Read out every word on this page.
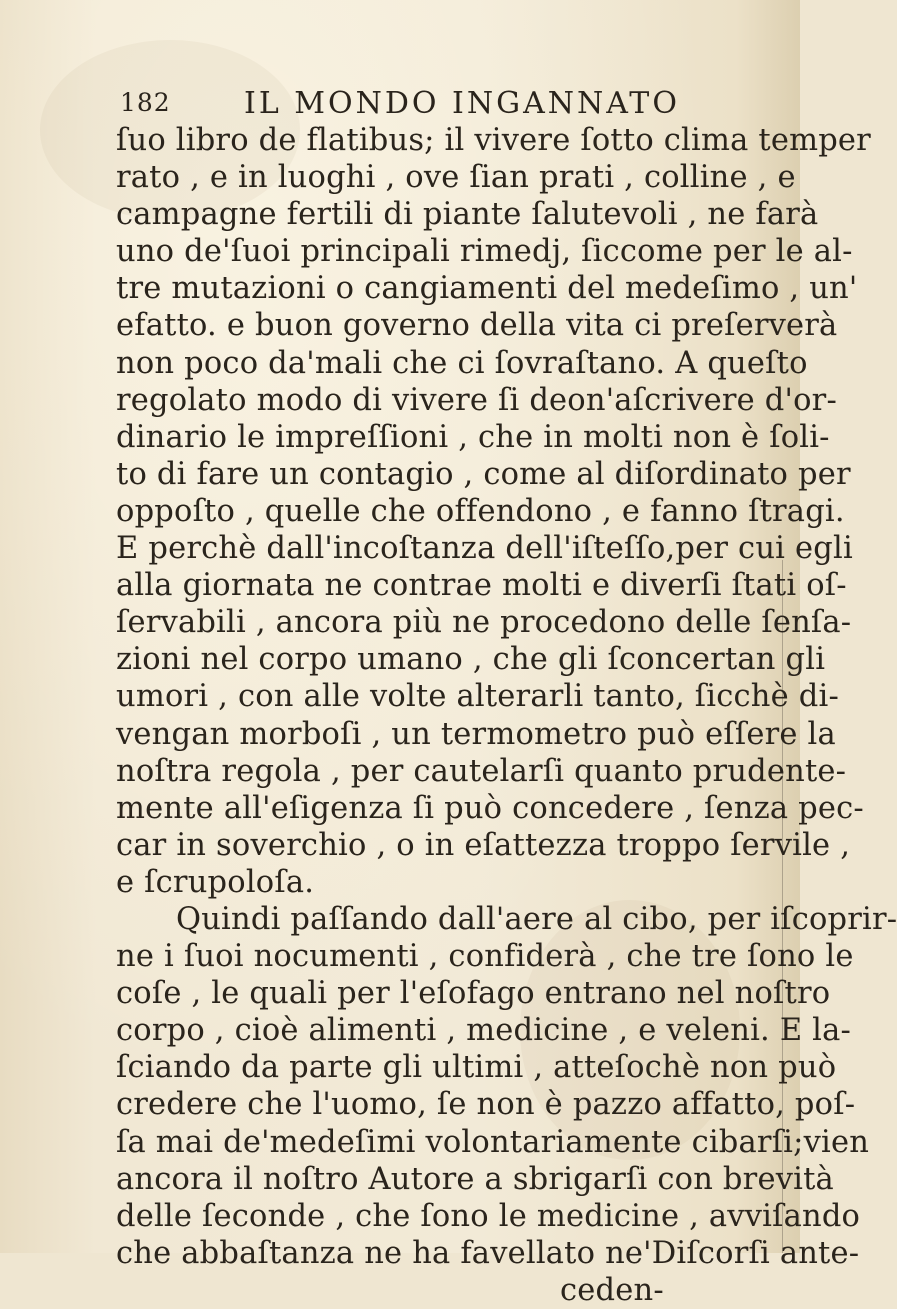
182 IL MONDO INGANNATO
ſuo libro de flatibus; il vivere ſotto clima temper
rato , e in luoghi , ove ſian prati , colline , e
campagne fertili di piante ſalutevoli , ne farà
uno de'ſuoi principali rimedj, ſiccome per le al-
tre mutazioni o cangiamenti del medeſimo , un'
efatto. e buon governo della vita ci preſerverà
non poco da'mali che ci ſovraſtano. A queſto
regolato modo di vivere ſi deon'aſcrivere d'or-
dinario le impreſſioni , che in molti non è ſoli-
to di fare un contagio , come al diſordinato per
oppoſto , quelle che offendono , e fanno ſtragi.
E perchè dall'incoſtanza dell'iſteſſo,per cui egli
alla giornata ne contrae molti e diverſi ſtati oſ-
ſervabili , ancora più ne procedono delle ſenſa-
zioni nel corpo umano , che gli ſconcertan gli
umori , con alle volte alterarli tanto, ſicchè di-
vengan morboſi , un termometro può eſſere la
noſtra regola , per cautelarſi quanto prudente-
mente all'eſigenza ſi può concedere , ſenza pec-
car in soverchio , o in eſattezza troppo ſervile ,
e ſcrupoloſa.
Quindi paſſando dall'aere al cibo, per iſcoprir-
ne i ſuoi nocumenti , confiderà , che tre ſono le
coſe , le quali per l'eſofago entrano nel noſtro
corpo , cioè alimenti , medicine , e veleni. E la-
ſciando da parte gli ultimi , atteſochè non può
credere che l'uomo, ſe non è pazzo affatto, poſ-
ſa mai de'medeſimi volontariamente cibarſi;vien
ancora il noſtro Autore a sbrigarſi con brevità
delle ſeconde , che ſono le medicine , avviſando
che abbaſtanza ne ha favellato ne'Diſcorſi ante-
ceden-
